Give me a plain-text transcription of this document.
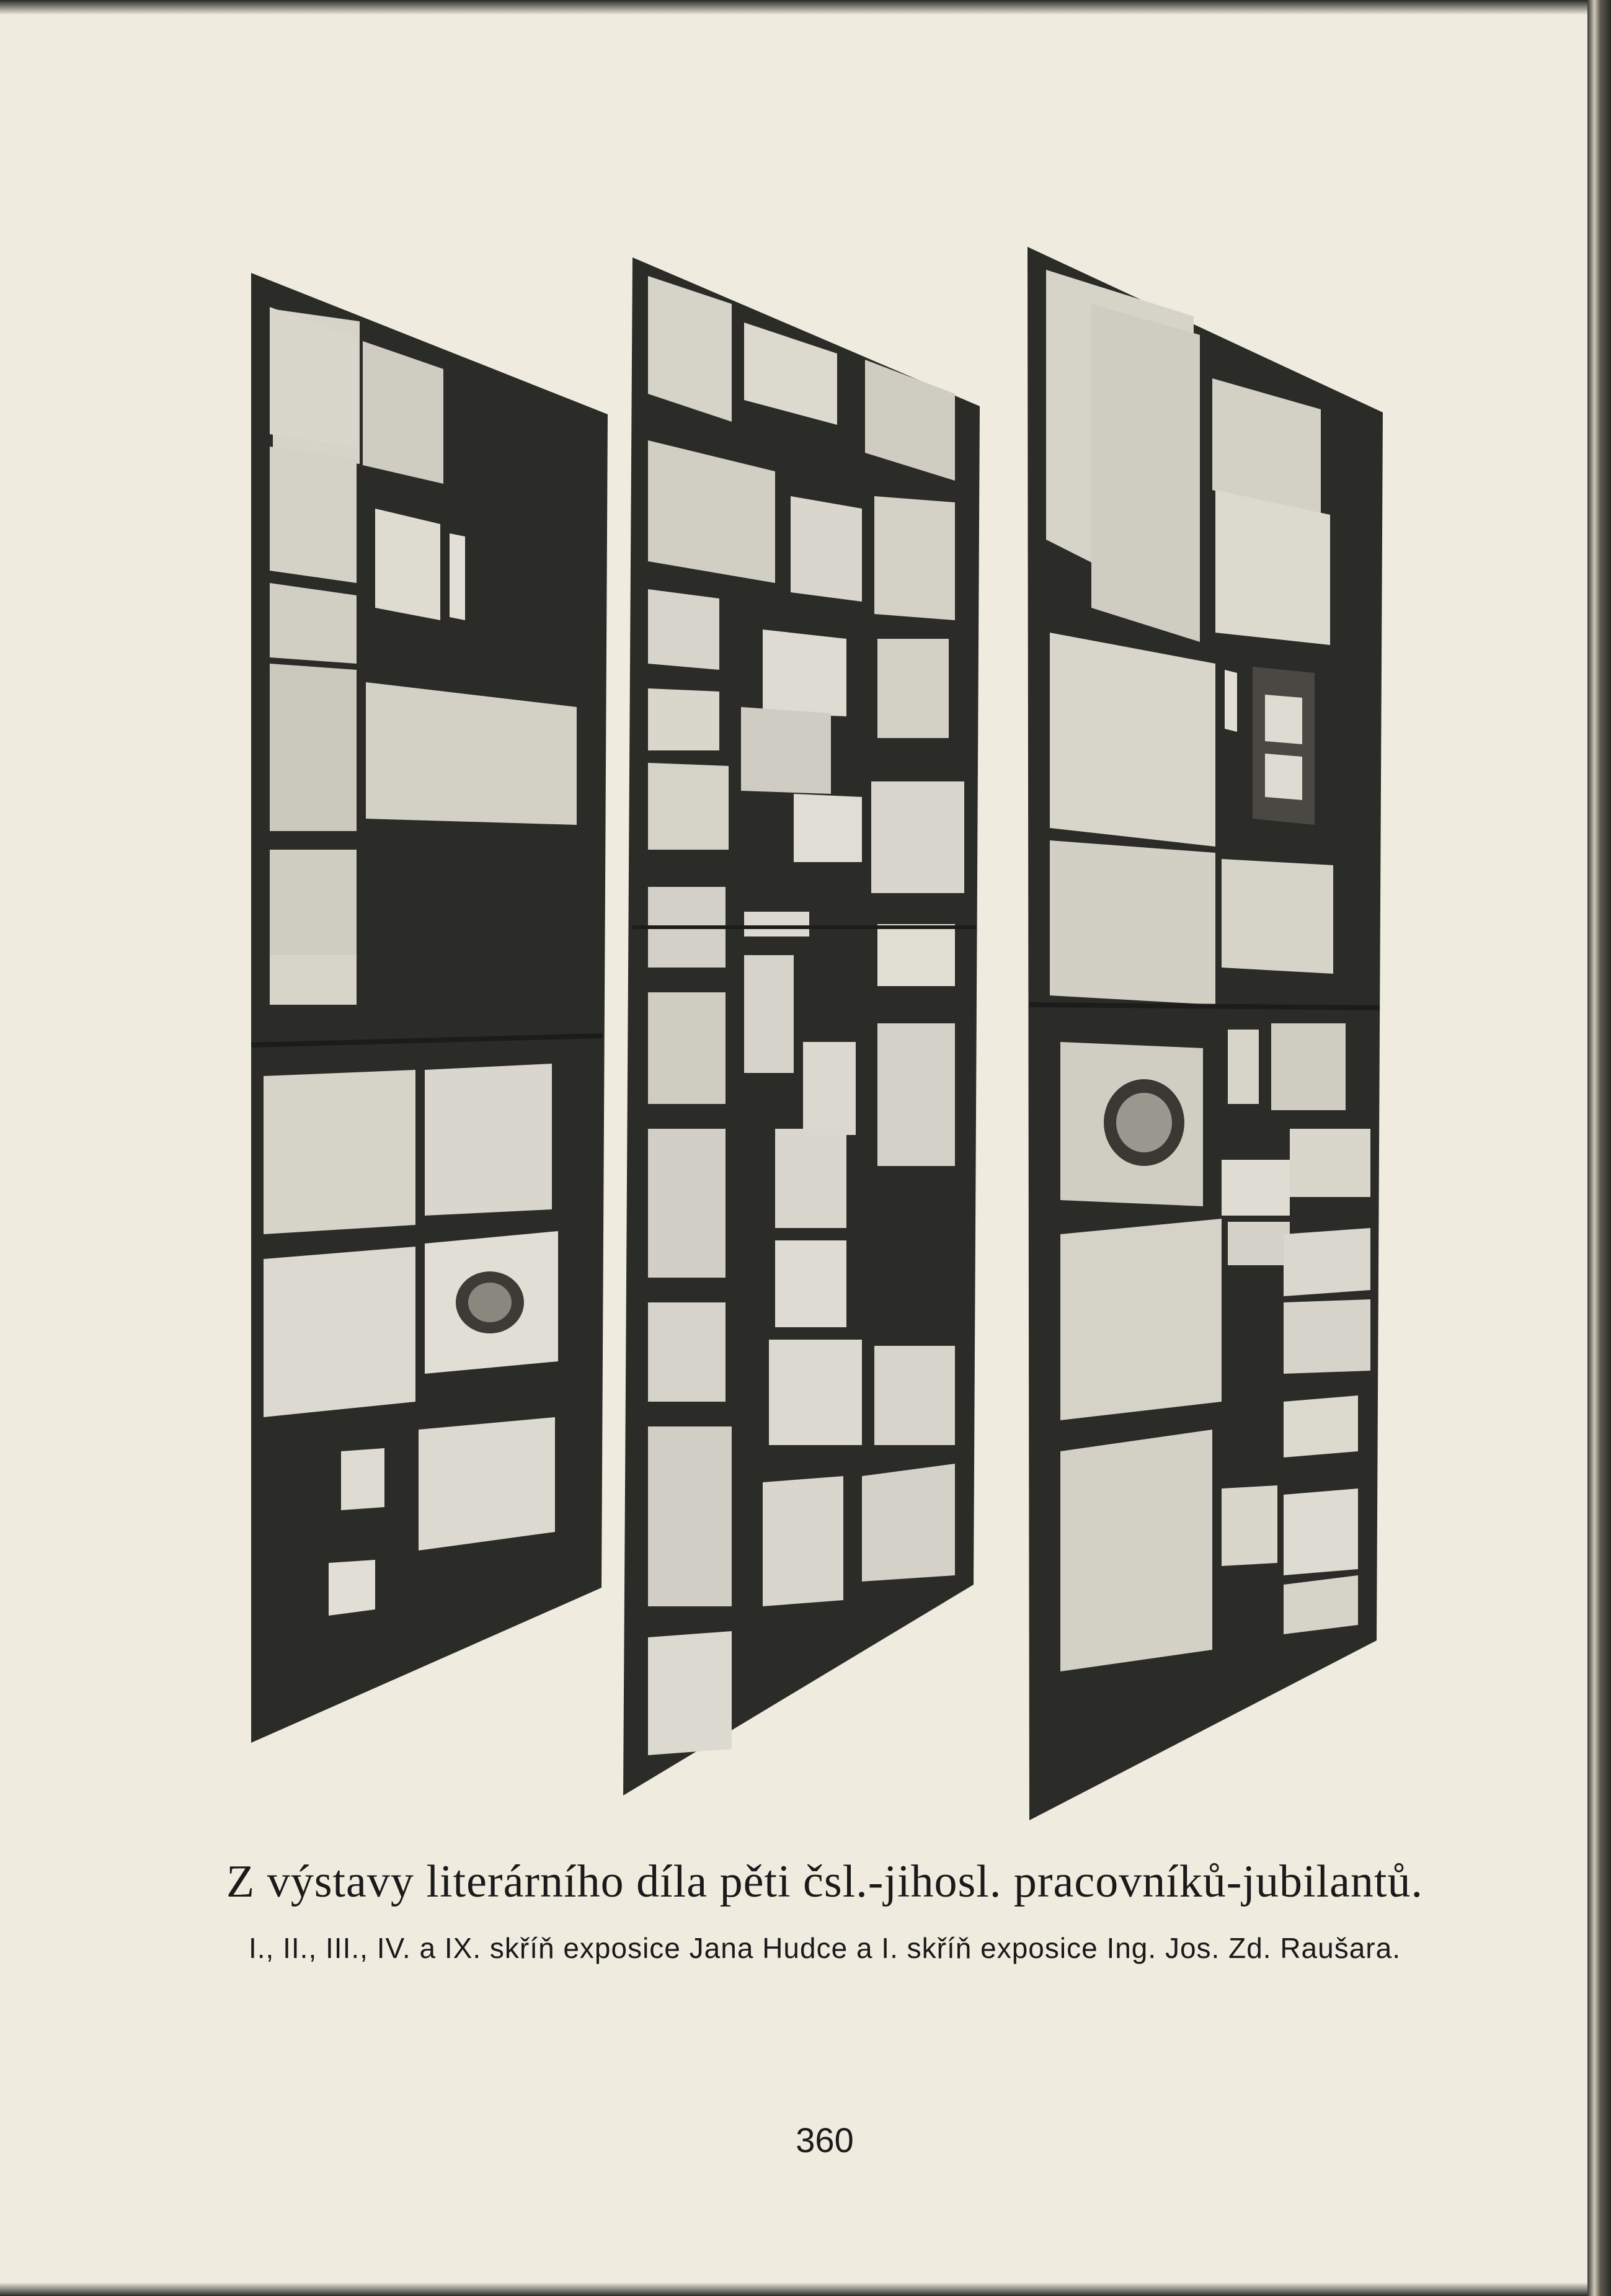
Z výstavy literárního díla pěti čsl.-jihosl. pracovníků-jubilantů.
I., II., III., IV. a IX. skříň exposice Jana Hudce a I. skříň exposice Ing. Jos. Zd. Raušara.
360
